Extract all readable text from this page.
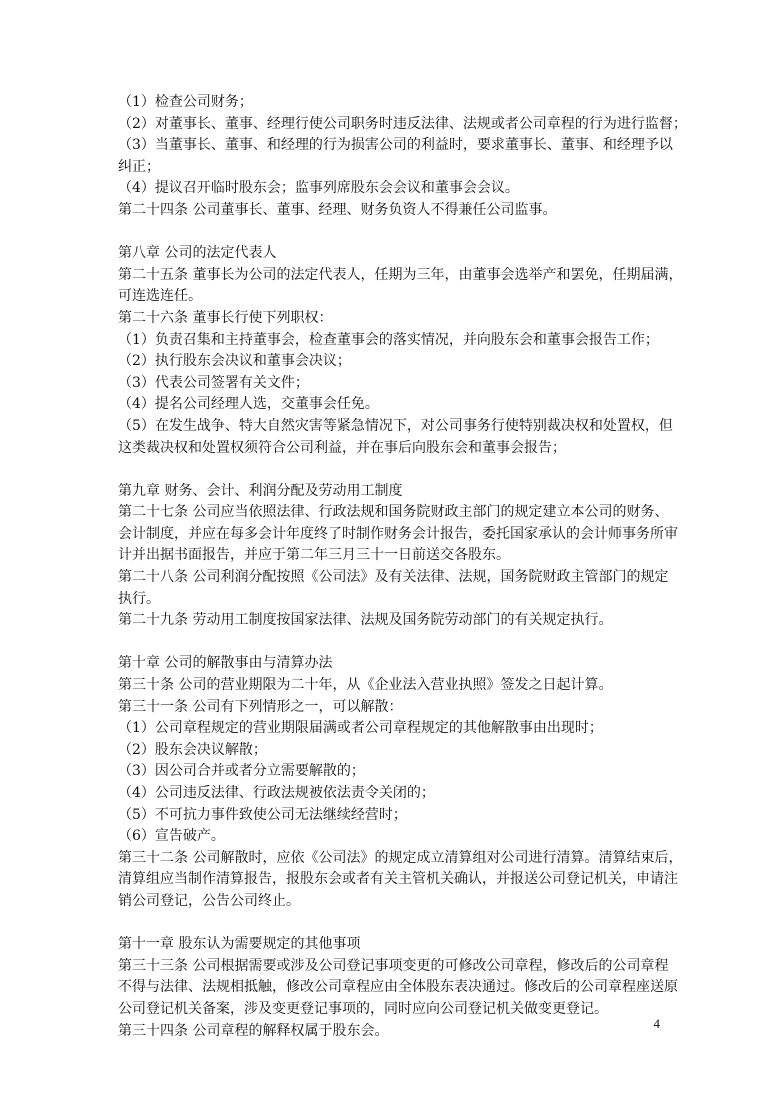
（1）检查公司财务；
（2）对董事长、董事、经理行使公司职务时违反法律、法规或者公司章程的行为进行监督；
（3）当董事长、董事、和经理的行为损害公司的利益时，要求董事长、董事、和经理予以
纠正；
（4）提议召开临时股东会；监事列席股东会会议和董事会会议。
第二十四条 公司董事长、董事、经理、财务负资人不得兼任公司监事。
第八章 公司的法定代表人
第二十五条 董事长为公司的法定代表人，任期为三年，由董事会选举产和罢免，任期届满，
可连选连任。
第二十六条 董事长行使下列职权：
（1）负责召集和主持董事会，检查董事会的落实情况，并向股东会和董事会报告工作；
（2）执行股东会决议和董事会决议；
（3）代表公司签署有关文件；
（4）提名公司经理人选，交董事会任免。
（5）在发生战争、特大自然灾害等紧急情况下，对公司事务行使特别裁决权和处置权，但
这类裁决权和处置权须符合公司利益，并在事后向股东会和董事会报告；
第九章 财务、会计、利润分配及劳动用工制度
第二十七条 公司应当依照法律、行政法规和国务院财政主部门的规定建立本公司的财务、
会计制度，并应在每多会计年度终了时制作财务会计报告，委托国家承认的会计师事务所审
计并出据书面报告，并应于第二年三月三十一日前送交各股东。
第二十八条 公司利润分配按照《公司法》及有关法律、法规，国务院财政主管部门的规定
执行。
第二十九条 劳动用工制度按国家法律、法规及国务院劳动部门的有关规定执行。
第十章 公司的解散事由与清算办法
第三十条 公司的营业期限为二十年，从《企业法入营业执照》签发之日起计算。
第三十一条 公司有下列情形之一，可以解散：
（1）公司章程规定的营业期限届满或者公司章程规定的其他解散事由出现时；
（2）股东会决议解散；
（3）因公司合并或者分立需要解散的；
（4）公司违反法律、行政法规被依法责令关闭的；
（5）不可抗力事件致使公司无法继续经营时；
（6）宣告破产。
第三十二条 公司解散时，应依《公司法》的规定成立清算组对公司进行清算。清算结束后，
清算组应当制作清算报告，报股东会或者有关主管机关确认，并报送公司登记机关，申请注
销公司登记，公告公司终止。
第十一章 股东认为需要规定的其他事项
第三十三条 公司根据需要或涉及公司登记事项变更的可修改公司章程，修改后的公司章程
不得与法律、法规相抵触，修改公司章程应由全体股东表决通过。修改后的公司章程座送原
公司登记机关备案，涉及变更登记事项的，同时应向公司登记机关做变更登记。
第三十四条 公司章程的解释权属于股东会。	4
